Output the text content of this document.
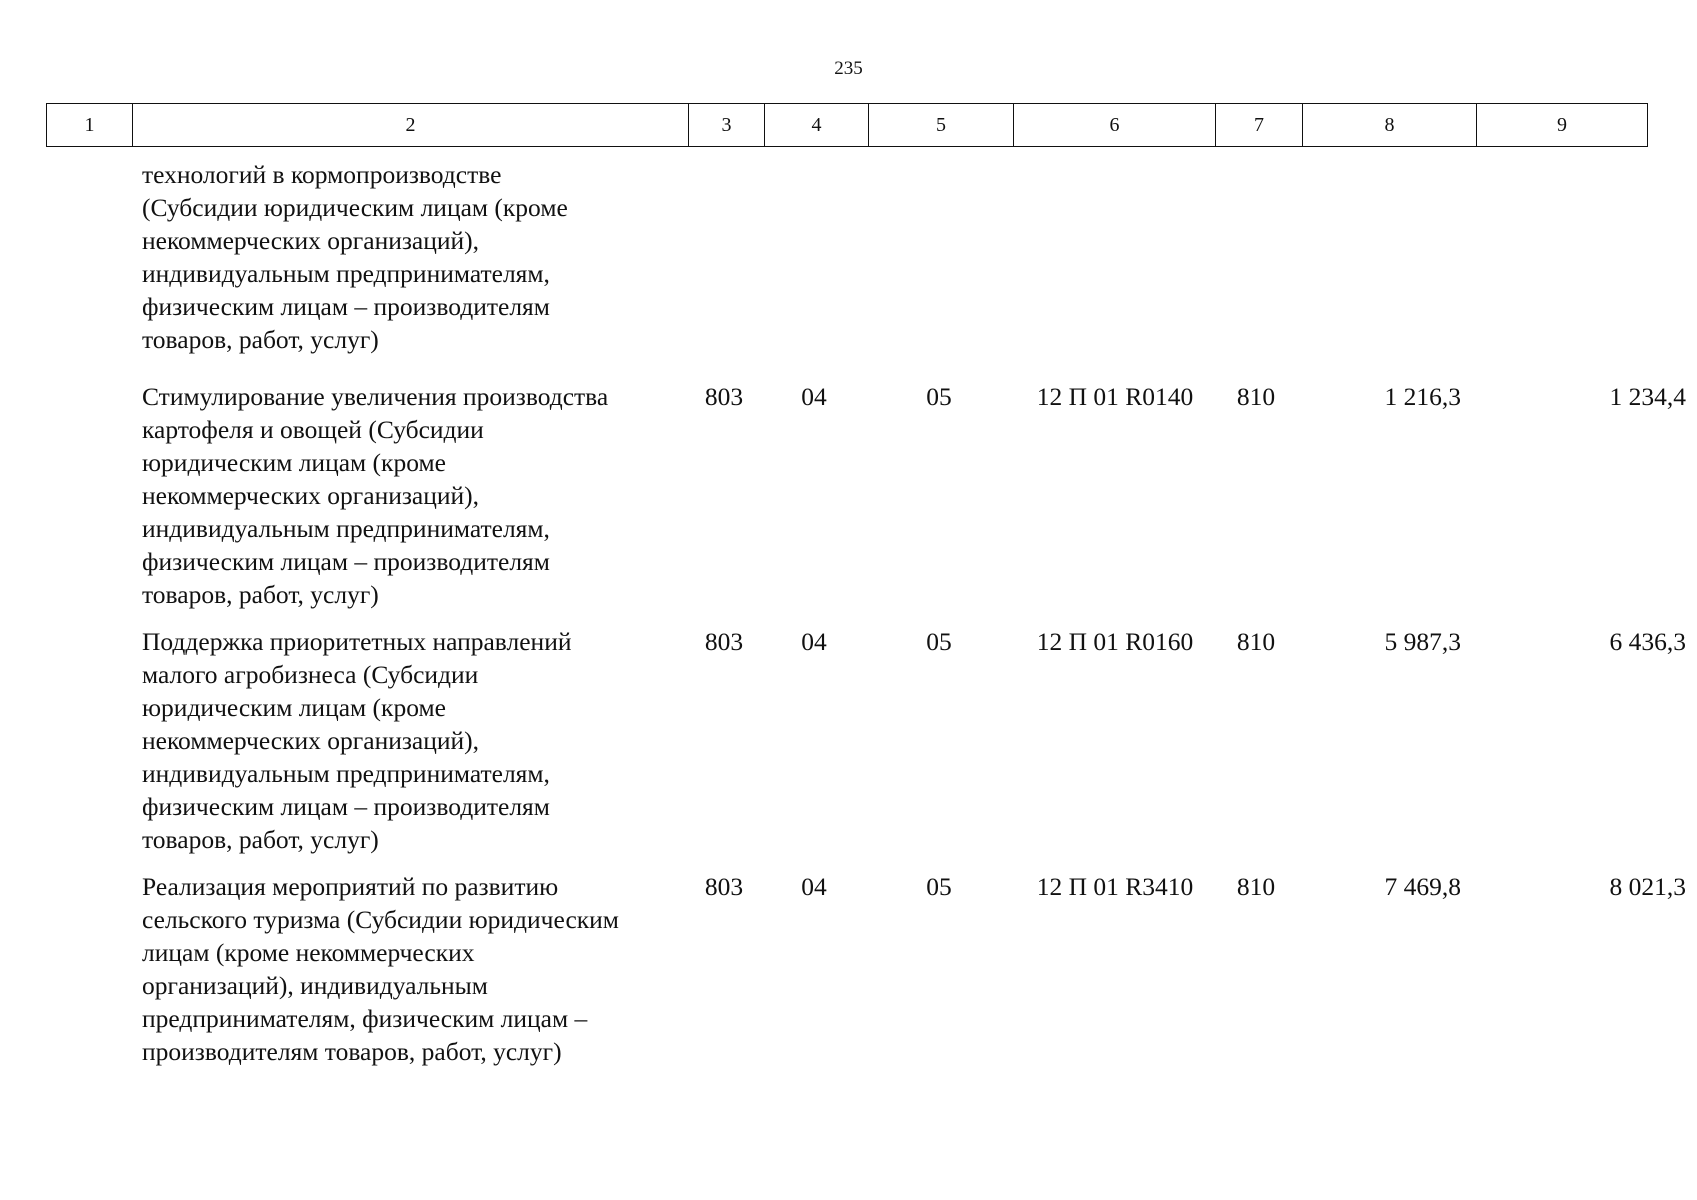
235
1	2	3	4	5	6	7	8	9
технологий в кормопроизводстве
(Субсидии юридическим лицам (кроме
некоммерческих организаций),
индивидуальным предпринимателям,
физическим лицам – производителям
товаров, работ, услуг)
Стимулирование увеличения производства
картофеля и овощей (Субсидии
юридическим лицам (кроме
некоммерческих организаций),
индивидуальным предпринимателям,
физическим лицам – производителям
товаров, работ, услуг)
803	04	05	12 П 01 R0140	810	1 216,3	1 234,4
Поддержка приоритетных направлений
малого агробизнеса (Субсидии
юридическим лицам (кроме
некоммерческих организаций),
индивидуальным предпринимателям,
физическим лицам – производителям
товаров, работ, услуг)
803	04	05	12 П 01 R0160	810	5 987,3	6 436,3
Реализация мероприятий по развитию
сельского туризма (Субсидии юридическим
лицам (кроме некоммерческих
организаций), индивидуальным
предпринимателям, физическим лицам –
производителям товаров, работ, услуг)
803	04	05	12 П 01 R3410	810	7 469,8	8 021,3
